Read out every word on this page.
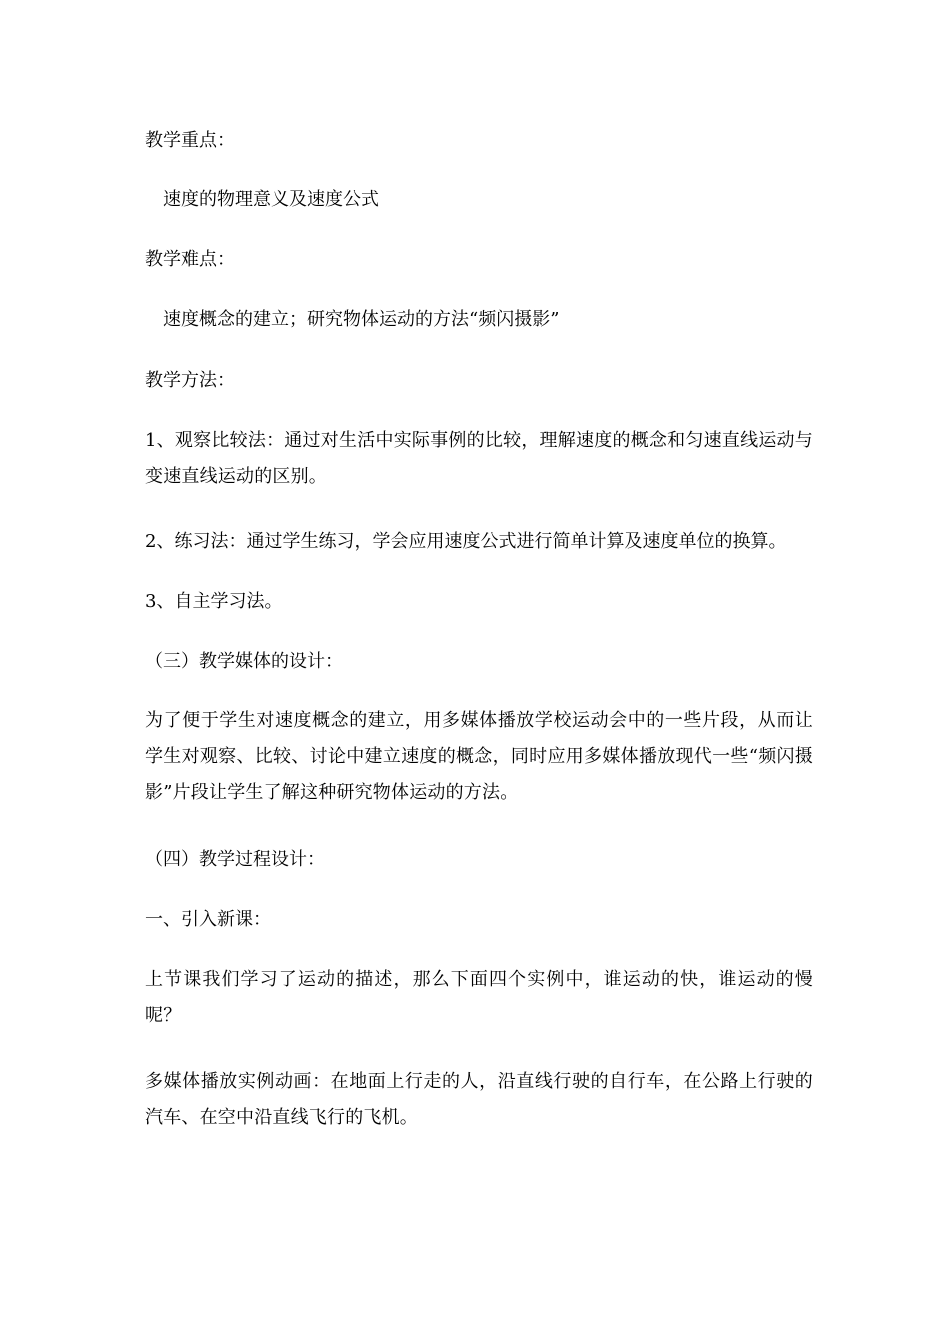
教学重点：
速度的物理意义及速度公式
教学难点：
速度概念的建立；研究物体运动的方法“频闪摄影”
教学方法：
1、观察比较法：通过对生活中实际事例的比较，理解速度的概念和匀速直线运动与变速直线运动的区别。
2、练习法：通过学生练习，学会应用速度公式进行简单计算及速度单位的换算。
3、自主学习法。
（三）教学媒体的设计：
为了便于学生对速度概念的建立，用多媒体播放学校运动会中的一些片段，从而让学生对观察、比较、讨论中建立速度的概念，同时应用多媒体播放现代一些“频闪摄影”片段让学生了解这种研究物体运动的方法。
（四）教学过程设计：
一、引入新课：
上节课我们学习了运动的描述，那么下面四个实例中，谁运动的快，谁运动的慢呢？
多媒体播放实例动画：在地面上行走的人，沿直线行驶的自行车，在公路上行驶的汽车、在空中沿直线飞行的飞机。
